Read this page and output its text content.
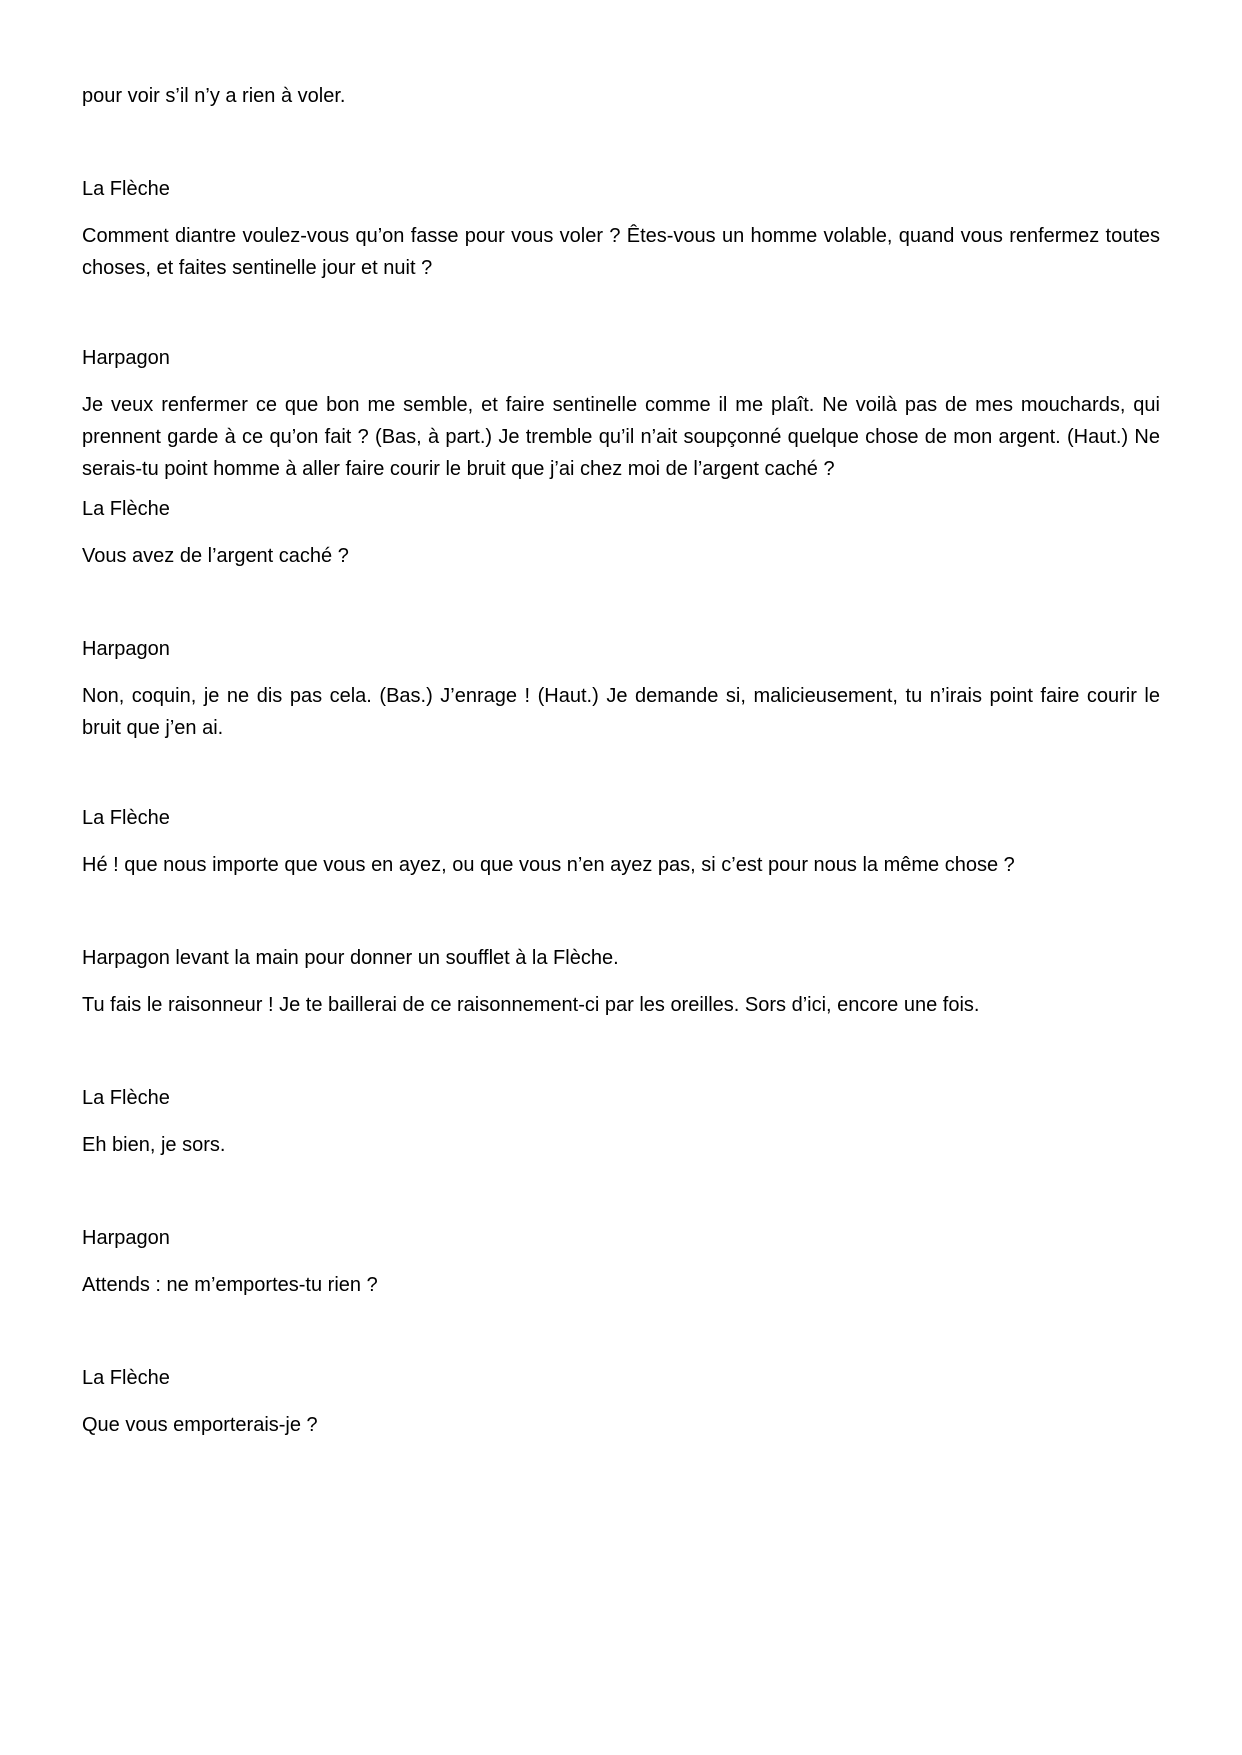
pour voir s’il n’y a rien à voler.

La Flèche

Comment diantre voulez-vous qu’on fasse pour vous voler ? Êtes-vous un homme volable, quand vous renfermez toutes choses, et faites sentinelle jour et nuit ?

Harpagon

Je veux renfermer ce que bon me semble, et faire sentinelle comme il me plaît. Ne voilà pas de mes mouchards, qui prennent garde à ce qu’on fait ? (Bas, à part.) Je tremble qu’il n’ait soupçonné quelque chose de mon argent. (Haut.) Ne serais-tu point homme à aller faire courir le bruit que j’ai chez moi de l’argent caché ?

La Flèche

Vous avez de l’argent caché ?

Harpagon

Non, coquin, je ne dis pas cela. (Bas.) J’enrage ! (Haut.) Je demande si, malicieusement, tu n’irais point faire courir le bruit que j’en ai.

La Flèche

Hé ! que nous importe que vous en ayez, ou que vous n’en ayez pas, si c’est pour nous la même chose ?

Harpagon levant la main pour donner un soufflet à la Flèche.

Tu fais le raisonneur ! Je te baillerai de ce raisonnement-ci par les oreilles. Sors d’ici, encore une fois.

La Flèche

Eh bien, je sors.

Harpagon

Attends : ne m’emportes-tu rien ?

La Flèche

Que vous emporterais-je ?
